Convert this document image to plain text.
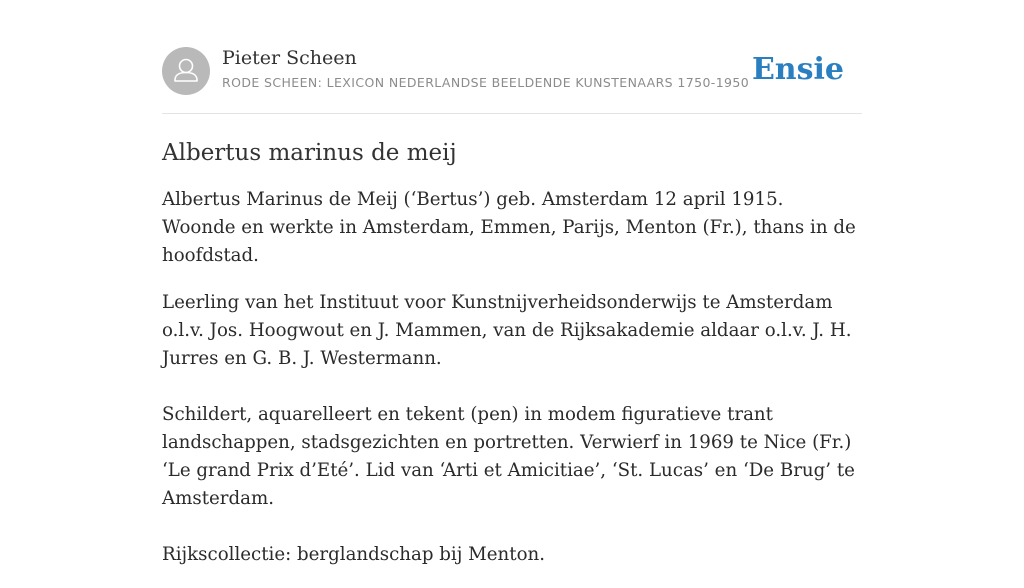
Pieter Scheen
RODE SCHEEN: LEXICON NEDERLANDSE BEELDENDE KUNSTENAARS 1750-1950 Ensie
Albertus marinus de meij

Albertus Marinus de Meij (‘Bertus’) geb. Amsterdam 12 april 1915. Woonde en werkte in Amsterdam, Emmen, Parijs, Menton (Fr.), thans in de hoofdstad.

Leerling van het Instituut voor Kunstnijverheidsonderwijs te Amsterdam o.l.v. Jos. Hoogwout en J. Mammen, van de Rijksakademie aldaar o.l.v. J. H. Jurres en G. B. J. Westermann.

Schildert, aquarelleert en tekent (pen) in modem figuratieve trant landschappen, stadsgezichten en portretten. Verwierf in 1969 te Nice (Fr.) ‘Le grand Prix d’Eté’. Lid van ‘Arti et Amicitiae’, ‘St. Lucas’ en ‘De Brug’ te Amsterdam.

Rijkscollectie: berglandschap bij Menton.
